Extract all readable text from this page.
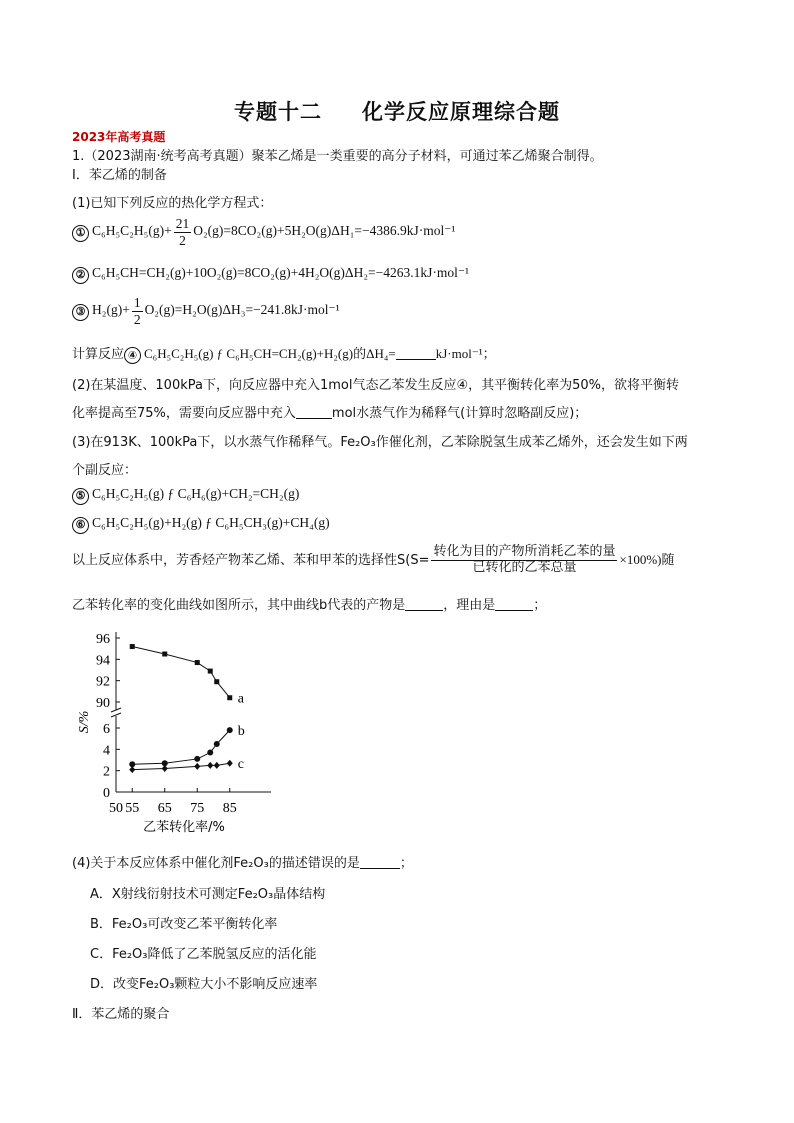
专题十二 化学反应原理综合题
2023年高考真题
1.（2023湖南·统考高考真题）聚苯乙烯是一类重要的高分子材料，可通过苯乙烯聚合制得。
Ⅰ．苯乙烯的制备
(1)已知下列反应的热化学方程式：
① $C_6H_5C_2H_5(g)+ \frac{21}{2} O_2(g)=8CO_2(g)+5H_2O(g)\Delta H_1=-4386.9kJ\cdot mol^{-1}$
② C₆H₅CH=CH₂(g)+10O₂(g)=8CO₂(g)+4H₂O(g)ΔH₂=−4263.1kJ·mol⁻¹
③ $H_2(g)+ \frac{1}{2} O_2(g)=H_2O(g)\Delta H_3=-241.8kJ\cdot mol^{-1}$
计算反应 ④ C₆H₅C₂H₅(g) ƒ C₆H₅CH=CH₂(g)+H₂(g)的ΔH₄=	kJ·mol⁻¹；
(2)在某温度、100kPa下，向反应器中充入1mol气态乙苯发生反应④，其平衡转化率为50%，欲将平衡转
化率提高至75%，需要向反应器中充入	mol水蒸气作为稀释气(计算时忽略副反应)；
(3)在913K、100kPa下，以水蒸气作稀释气。Fe₂O₃作催化剂，乙苯除脱氢生成苯乙烯外，还会发生如下两
个副反应：
⑤ C₆H₅C₂H₅(g) ƒ C₆H₆(g)+CH₂=CH₂(g)
⑥ C₆H₅C₂H₅(g)+H₂(g) ƒ C₆H₅CH₃(g)+CH₄(g)
以上反应体系中，芳香烃产物苯乙烯、苯和甲苯的选择性$S(S= \frac{\text{转化为目的产物所消耗乙苯的量}}{\text{已转化的乙苯总量}} \times 100\%)$随
乙苯转化率的变化曲线如图所示，其中曲线b代表的产物是	，理由是	；
90
92
94
96
0
2
4
6
50 55 65 75 85
乙苯转化率/%
S/%
a
b
c
(4)关于本反应体系中催化剂Fe₂O₃的描述错误的是	；
A．X射线衍射技术可测定Fe₂O₃晶体结构
B．Fe₂O₃可改变乙苯平衡转化率
C．Fe₂O₃降低了乙苯脱氢反应的活化能
D．改变Fe₂O₃颗粒大小不影响反应速率
Ⅱ．苯乙烯的聚合
